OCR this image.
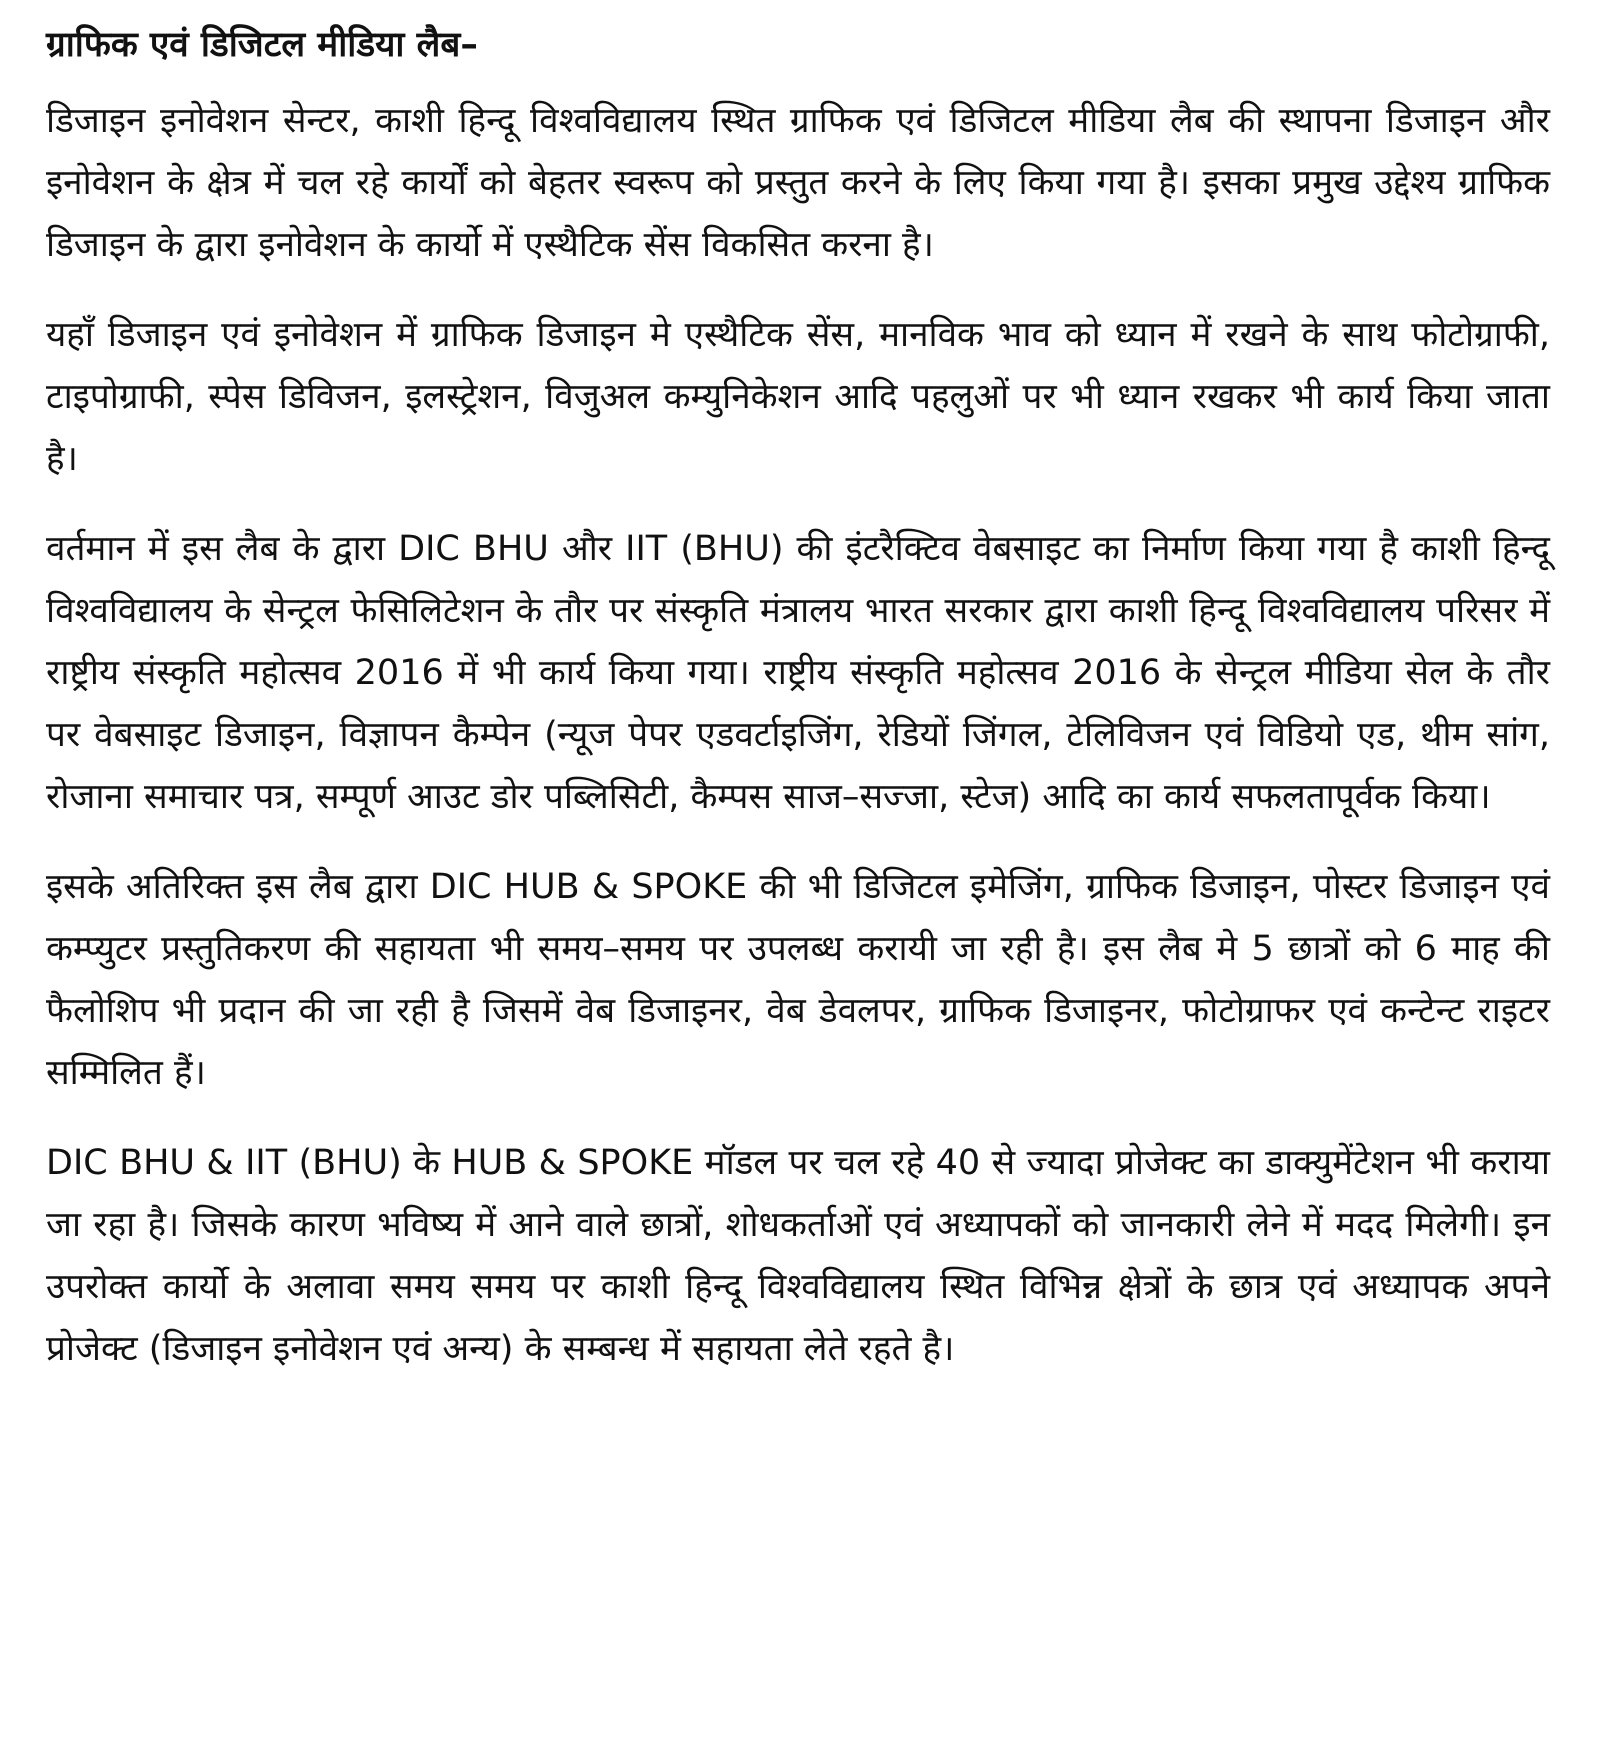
ग्राफिक एवं डिजिटल मीडिया लैब–

डिजाइन इनोवेशन सेन्टर, काशी हिन्दू विश्वविद्यालय स्थित ग्राफिक एवं डिजिटल मीडिया लैब की स्थापना डिजाइन और इनोवेशन के क्षेत्र में चल रहे कार्यों को बेहतर स्वरूप को प्रस्तुत करने के लिए किया गया है। इसका प्रमुख उद्देश्य ग्राफिक डिजाइन के द्वारा इनोवेशन के कार्यो में एस्थैटिक सेंस विकसित करना है।

यहाँ डिजाइन एवं इनोवेशन में ग्राफिक डिजाइन मे एस्थैटिक सेंस, मानविक भाव को ध्यान में रखने के साथ फोटोग्राफी, टाइपोग्राफी, स्पेस डिविजन, इलस्ट्रेशन, विजुअल कम्युनिकेशन आदि पहलुओं पर भी ध्यान रखकर भी कार्य किया जाता है।

वर्तमान में इस लैब के द्वारा DIC BHU और IIT (BHU) की इंटरैक्टिव वेबसाइट का निर्माण किया गया है काशी हिन्दू विश्वविद्यालय के सेन्ट्रल फेसिलिटेशन के तौर पर संस्कृति मंत्रालय भारत सरकार द्वारा काशी हिन्दू विश्वविद्यालय परिसर में राष्ट्रीय संस्कृति महोत्सव 2016 में भी कार्य किया गया। राष्ट्रीय संस्कृति महोत्सव 2016 के सेन्ट्रल मीडिया सेल के तौर पर वेबसाइट डिजाइन, विज्ञापन कैम्पेन (न्यूज पेपर एडवर्टाइजिंग, रेडियों जिंगल, टेलिविजन एवं विडियो एड, थीम सांग, रोजाना समाचार पत्र, सम्पूर्ण आउट डोर पब्लिसिटी, कैम्पस साज–सज्जा, स्टेज) आदि का कार्य सफलतापूर्वक किया।

इसके अतिरिक्त इस लैब द्वारा DIC HUB & SPOKE की भी डिजिटल इमेजिंग, ग्राफिक डिजाइन, पोस्टर डिजाइन एवं कम्प्युटर प्रस्तुतिकरण की सहायता भी समय–समय पर उपलब्ध करायी जा रही है। इस लैब मे 5 छात्रों को 6 माह की फैलोशिप भी प्रदान की जा रही है जिसमें वेब डिजाइनर, वेब डेवलपर, ग्राफिक डिजाइनर, फोटोग्राफर एवं कन्टेन्ट राइटर सम्मिलित हैं।

DIC BHU & IIT (BHU) के HUB & SPOKE मॉडल पर चल रहे 40 से ज्यादा प्रोजेक्ट का डाक्युमेंटेशन भी कराया जा रहा है। जिसके कारण भविष्य में आने वाले छात्रों, शोधकर्ताओं एवं अध्यापकों को जानकारी लेने में मदद मिलेगी। इन उपरोक्त कार्यो के अलावा समय समय पर काशी हिन्दू विश्वविद्यालय स्थित विभिन्न क्षेत्रों के छात्र एवं अध्यापक अपने प्रोजेक्ट (डिजाइन इनोवेशन एवं अन्य) के सम्बन्ध में सहायता लेते रहते है।
